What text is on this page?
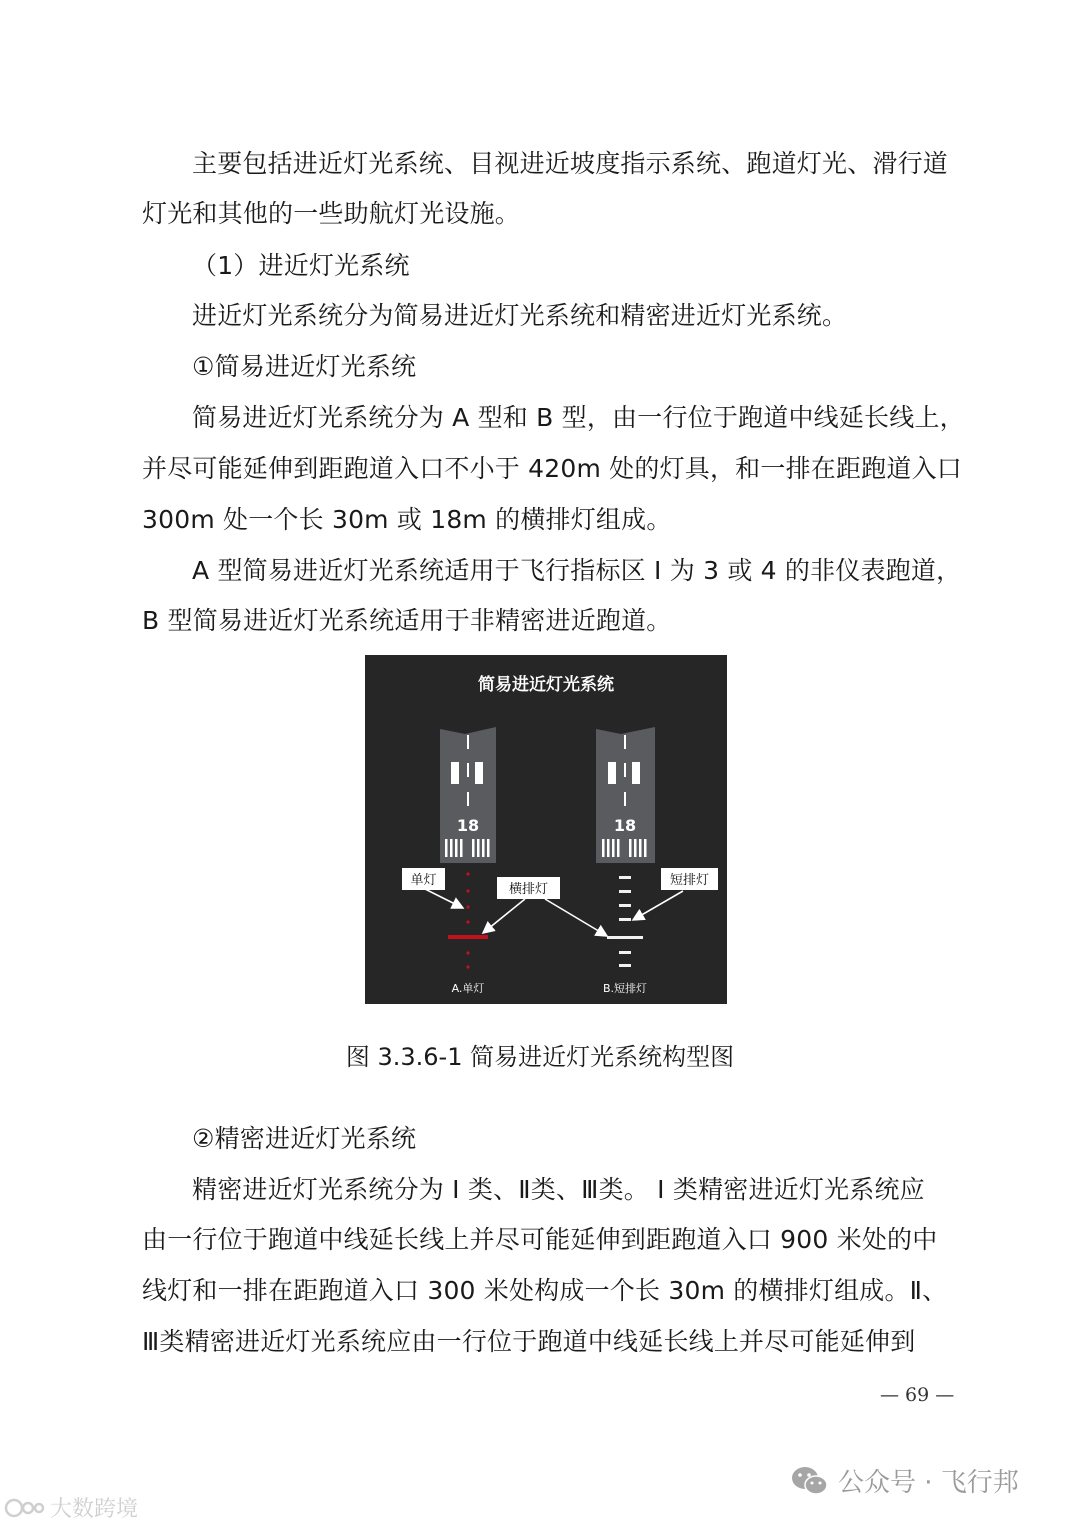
主要包括进近灯光系统、目视进近坡度指示系统、跑道灯光、滑行道
灯光和其他的一些助航灯光设施。
（1）进近灯光系统
进近灯光系统分为简易进近灯光系统和精密进近灯光系统。
①简易进近灯光系统
简易进近灯光系统分为 A 型和 B 型，由一行位于跑道中线延长线上，
并尽可能延伸到距跑道入口不小于 420m 处的灯具，和一排在距跑道入口
300m 处一个长 30m 或 18m 的横排灯组成。
A 型简易进近灯光系统适用于飞行指标区 I 为 3 或 4 的非仪表跑道，
B 型简易进近灯光系统适用于非精密进近跑道。
简易进近灯光系统
18	18
单灯
横排灯
短排灯
A.单灯	B.短排灯
图 3.3.6-1 简易进近灯光系统构型图
②精密进近灯光系统
精密进近灯光系统分为 I 类、Ⅱ类、Ⅲ类。 I 类精密进近灯光系统应
由一行位于跑道中线延长线上并尽可能延伸到距跑道入口 900 米处的中
线灯和一排在距跑道入口 300 米处构成一个长 30m 的横排灯组成。Ⅱ、
Ⅲ类精密进近灯光系统应由一行位于跑道中线延长线上并尽可能延伸到
— 69 —
公众号 · 飞行邦
大数跨境
